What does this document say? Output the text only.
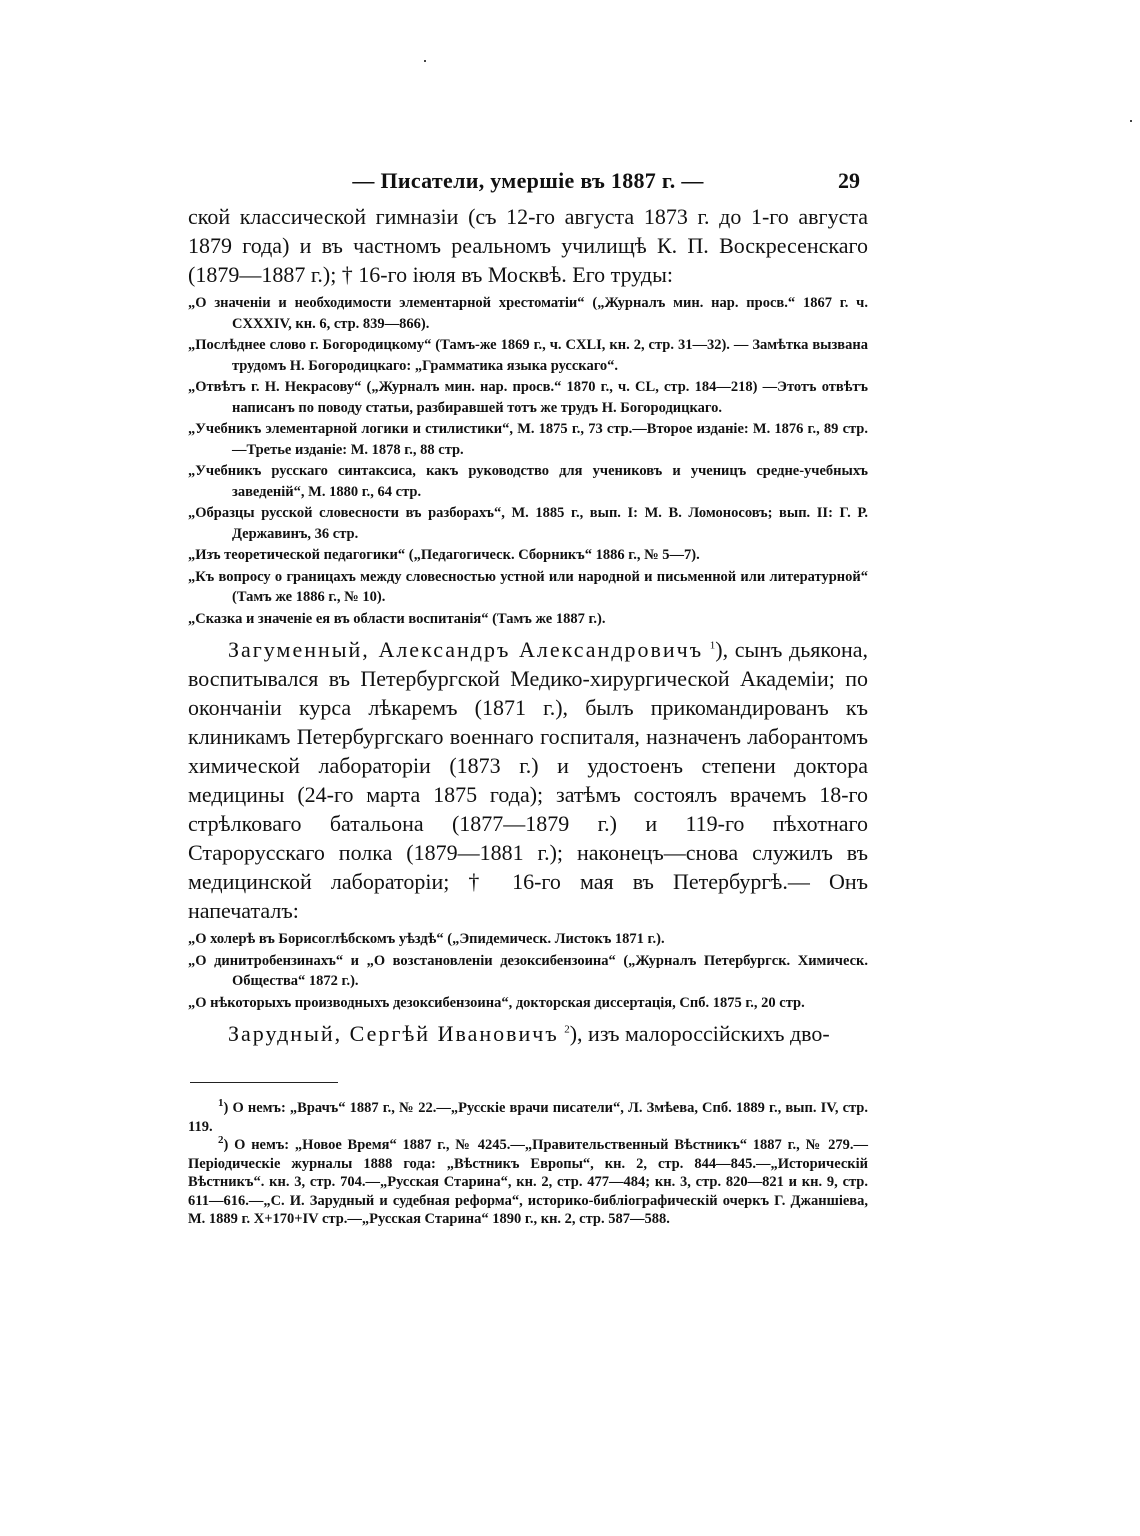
— Писатели, умершіе въ 1887 г. —	29

ской классической гимназіи (съ 12-го августа 1873 г. до 1-го августа 1879 года) и въ частномъ реальномъ училищѣ К. П. Воскресенскаго (1879—1887 г.); † 16-го іюля въ Москвѣ. Его труды:

„О значеніи и необходимости элементарной хрестоматіи“ („Журналъ мин. нар. просв.“ 1867 г. ч. CXXXIV, кн. 6, стр. 839—866).

„Послѣднее слово г. Богородицкому“ (Тамъ-же 1869 г., ч. CXLI, кн. 2, стр. 31—32). — Замѣтка вызвана трудомъ Н. Богородицкаго: „Грамматика языка русскаго“.

„Отвѣтъ г. Н. Некрасову“ („Журналъ мин. нар. просв.“ 1870 г., ч. CL, стр. 184—218) —Этотъ отвѣтъ написанъ по поводу статьи, разбиравшей тотъ же трудъ Н. Богородицкаго.

„Учебникъ элементарной логики и стилистики“, М. 1875 г., 73 стр.—Второе изданіе: М. 1876 г., 89 стр.—Третье изданіе: М. 1878 г., 88 стр.

„Учебникъ русскаго синтаксиса, какъ руководство для учениковъ и ученицъ средне-учебныхъ заведеній“, М. 1880 г., 64 стр.

„Образцы русской словесности въ разборахъ“, М. 1885 г., вып. I: М. В. Ломоносовъ; вып. II: Г. Р. Державинъ, 36 стр.

„Изъ теоретической педагогики“ („Педагогическ. Сборникъ“ 1886 г., № 5—7).

„Къ вопросу о границахъ между словесностью устной или народной и письменной или литературной“ (Тамъ же 1886 г., № 10).

„Сказка и значеніе ея въ области воспитанія“ (Тамъ же 1887 г.).

Загуменный, Александръ Александровичъ $^1$), сынъ дьякона, воспитывался въ Петербургской Медико-хирургической Академіи; по окончаніи курса лѣкаремъ (1871 г.), былъ прикомандированъ къ клиникамъ Петербургскаго военнаго госпиталя, назначенъ лаборантомъ химической лабораторіи (1873 г.) и удостоенъ степени доктора медицины (24-го марта 1875 года); затѣмъ состоялъ врачемъ 18-го стрѣлковаго батальона (1877—1879 г.) и 119-го пѣхотнаго Старорусскаго полка (1879—1881 г.); наконецъ—снова служилъ въ медицинской лабораторіи; † 16-го мая въ Петербургѣ.— Онъ напечаталъ:

„О холерѣ въ Борисоглѣбскомъ уѣздѣ“ („Эпидемическ. Листокъ 1871 г.).

„О динитробензинахъ“ и „О возстановленіи дезоксибензоина“ („Журналъ Петербургск. Химическ. Общества“ 1872 г.).

„О нѣкоторыхъ производныхъ дезоксибензоина“, докторская диссертація, Спб. 1875 г., 20 стр.

Зарудный, Сергѣй Ивановичъ $^2$), изъ малороссійскихъ дво-

$^1$) О немъ: „Врачъ“ 1887 г., № 22.—„Русскіе врачи писатели“, Л. Змѣева, Спб. 1889 г., вып. IV, стр. 119.

$^2$) О немъ: „Новое Время“ 1887 г., № 4245.—„Правительственный Вѣстникъ“ 1887 г., № 279.—Періодическіе журналы 1888 года: „Вѣстникъ Европы“, кн. 2, стр. 844—845.—„Историческій Вѣстникъ“. кн. 3, стр. 704.—„Русская Старина“, кн. 2, стр. 477—484; кн. 3, стр. 820—821 и кн. 9, стр. 611—616.—„С. И. Зарудный и судебная реформа“, историко-библіографическій очеркъ Г. Джаншіева, М. 1889 г. X+170+IV стр.—„Русская Старина“ 1890 г., кн. 2, стр. 587—588.
